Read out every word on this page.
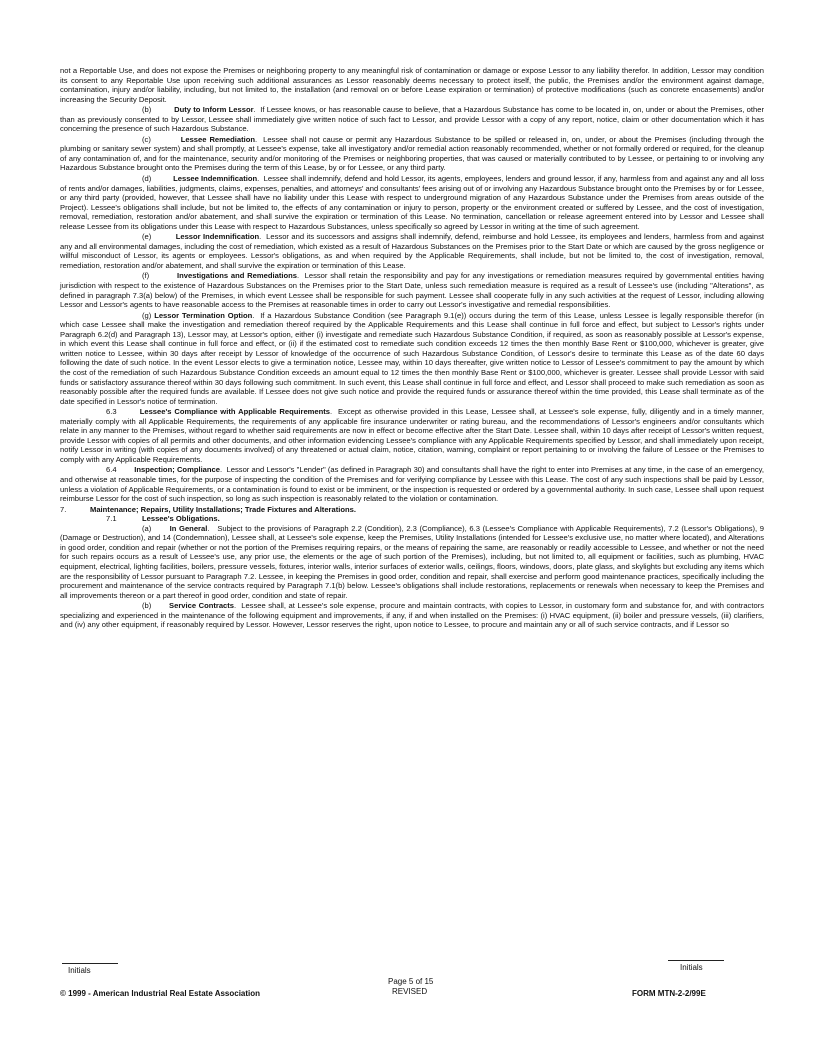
not a Reportable Use, and does not expose the Premises or neighboring property to any meaningful risk of contamination or damage or expose Lessor to any liability therefor. In addition, Lessor may condition its consent to any Reportable Use upon receiving such additional assurances as Lessor reasonably deems necessary to protect itself, the public, the Premises and/or the environment against damage, contamination, injury and/or liability, including, but not limited to, the installation (and removal on or before Lease expiration or termination) of protective modifications (such as concrete encasements) and/or increasing the Security Deposit.

(b)	Duty to Inform Lessor.  If Lessee knows, or has reasonable cause to believe, that a Hazardous Substance has come to be located in, on, under or about the Premises, other than as previously consented to by Lessor, Lessee shall immediately give written notice of such fact to Lessor, and provide Lessor with a copy of any report, notice, claim or other documentation which it has concerning the presence of such Hazardous Substance.

(c)	Lessee Remediation.  Lessee shall not cause or permit any Hazardous Substance to be spilled or released in, on, under, or about the Premises (including through the plumbing or sanitary sewer system) and shall promptly, at Lessee's expense, take all investigatory and/or remedial action reasonably recommended, whether or not formally ordered or required, for the cleanup of any contamination of, and for the maintenance, security and/or monitoring of the Premises or neighboring properties, that was caused or materially contributed to by Lessee, or pertaining to or involving any Hazardous Substance brought onto the Premises during the term of this Lease, by or for Lessee, or any third party.

(d)	Lessee Indemnification.  Lessee shall indemnify, defend and hold Lessor, its agents, employees, lenders and ground lessor, if any, harmless from and against any and all loss of rents and/or damages, liabilities, judgments, claims, expenses, penalties, and attorneys' and consultants' fees arising out of or involving any Hazardous Substance brought onto the Premises by or for Lessee, or any third party (provided, however, that Lessee shall have no liability under this Lease with respect to underground migration of any Hazardous Substance under the Premises from areas outside of the Project). Lessee's obligations shall include, but not be limited to, the effects of any contamination or injury to person, property or the environment created or suffered by Lessee, and the cost of investigation, removal, remediation, restoration and/or abatement, and shall survive the expiration or termination of this Lease. No termination, cancellation or release agreement entered into by Lessor and Lessee shall release Lessee from its obligations under this Lease with respect to Hazardous Substances, unless specifically so agreed by Lessor in writing at the time of such agreement.

(e)	Lessor Indemnification.  Lessor and its successors and assigns shall indemnify, defend, reimburse and hold Lessee, its employees and lenders, harmless from and against any and all environmental damages, including the cost of remediation, which existed as a result of Hazardous Substances on the Premises prior to the Start Date or which are caused by the gross negligence or willful misconduct of Lessor, its agents or employees. Lessor's obligations, as and when required by the Applicable Requirements, shall include, but not be limited to, the cost of investigation, removal, remediation, restoration and/or abatement, and shall survive the expiration or termination of this Lease.

(f)	Investigations and Remediations.  Lessor shall retain the responsibility and pay for any investigations or remediation measures required by governmental entities having jurisdiction with respect to the existence of Hazardous Substances on the Premises prior to the Start Date, unless such remediation measure is required as a result of Lessee's use (including "Alterations", as defined in paragraph 7.3(a) below) of the Premises, in which event Lessee shall be responsible for such payment. Lessee shall cooperate fully in any such activities at the request of Lessor, including allowing Lessor and Lessor's agents to have reasonable access to the Premises at reasonable times in order to carry out Lessor's investigative and remedial responsibilities.

(g) Lessor Termination Option.  If a Hazardous Substance Condition (see Paragraph 9.1(e)) occurs during the term of this Lease, unless Lessee is legally responsible therefor (in which case Lessee shall make the investigation and remediation thereof required by the Applicable Requirements and this Lease shall continue in full force and effect, but subject to Lessor's rights under Paragraph 6.2(d) and Paragraph 13), Lessor may, at Lessor's option, either (i) investigate and remediate such Hazardous Substance Condition, if required, as soon as reasonably possible at Lessor's expense, in which event this Lease shall continue in full force and effect, or (ii) if the estimated cost to remediate such condition exceeds 12 times the then monthly Base Rent or $100,000, whichever is greater, give written notice to Lessee, within 30 days after receipt by Lessor of knowledge of the occurrence of such Hazardous Substance Condition, of Lessor's desire to terminate this Lease as of the date 60 days following the date of such notice. In the event Lessor elects to give a termination notice, Lessee may, within 10 days thereafter, give written notice to Lessor of Lessee's commitment to pay the amount by which the cost of the remediation of such Hazardous Substance Condition exceeds an amount equal to 12 times the then monthly Base Rent or $100,000, whichever is greater. Lessee shall provide Lessor with said funds or satisfactory assurance thereof within 30 days following such commitment. In such event, this Lease shall continue in full force and effect, and Lessor shall proceed to make such remediation as soon as reasonably possible after the required funds are available. If Lessee does not give such notice and provide the required funds or assurance thereof within the time provided, this Lease shall terminate as of the date specified in Lessor's notice of termination.

6.3	Lessee's Compliance with Applicable Requirements.  Except as otherwise provided in this Lease, Lessee shall, at Lessee's sole expense, fully, diligently and in a timely manner, materially comply with all Applicable Requirements, the requirements of any applicable fire insurance underwriter or rating bureau, and the recommendations of Lessor's engineers and/or consultants which relate in any manner to the Premises, without regard to whether said requirements are now in effect or become effective after the Start Date. Lessee shall, within 10 days after receipt of Lessor's written request, provide Lessor with copies of all permits and other documents, and other information evidencing Lessee's compliance with any Applicable Requirements specified by Lessor, and shall immediately upon receipt, notify Lessor in writing (with copies of any documents involved) of any threatened or actual claim, notice, citation, warning, complaint or report pertaining to or involving the failure of Lessee or the Premises to comply with any Applicable Requirements.

6.4 Inspection; Compliance.  Lessor and Lessor's "Lender" (as defined in Paragraph 30) and consultants shall have the right to enter into Premises at any time, in the case of an emergency, and otherwise at reasonable times, for the purpose of inspecting the condition of the Premises and for verifying compliance by Lessee with this Lease. The cost of any such inspections shall be paid by Lessor, unless a violation of Applicable Requirements, or a contamination is found to exist or be imminent, or the inspection is requested or ordered by a governmental authority. In such case, Lessee shall upon request reimburse Lessor for the cost of such inspection, so long as such inspection is reasonably related to the violation or contamination.

7.	Maintenance; Repairs, Utility Installations; Trade Fixtures and Alterations.

7.1	Lessee's Obligations.

(a) In General.   Subject to the provisions of Paragraph 2.2 (Condition), 2.3 (Compliance), 6.3 (Lessee's Compliance with Applicable Requirements), 7.2 (Lessor's Obligations), 9 (Damage or Destruction), and 14 (Condemnation), Lessee shall, at Lessee's sole expense, keep the Premises, Utility Installations (intended for Lessee's exclusive use, no matter where located), and Alterations in good order, condition and repair (whether or not the portion of the Premises requiring repairs, or the means of repairing the same, are reasonably or readily accessible to Lessee, and whether or not the need for such repairs occurs as a result of Lessee's use, any prior use, the elements or the age of such portion of the Premises), including, but not limited to, all equipment or facilities, such as plumbing, HVAC equipment, electrical, lighting facilities, boilers, pressure vessels, fixtures, interior walls, interior surfaces of exterior walls, ceilings, floors, windows, doors, plate glass, and skylights but excluding any items which are the responsibility of Lessor pursuant to Paragraph 7.2. Lessee, in keeping the Premises in good order, condition and repair, shall exercise and perform good maintenance practices, specifically including the procurement and maintenance of the service contracts required by Paragraph 7.1(b) below. Lessee's obligations shall include restorations, replacements or renewals when necessary to keep the Premises and all improvements thereon or a part thereof in good order, condition and state of repair.

(b) Service Contracts.  Lessee shall, at Lessee's sole expense, procure and maintain contracts, with copies to Lessor, in customary form and substance for, and with contractors specializing and experienced in the maintenance of the following equipment and improvements, if any, if and when installed on the Premises: (i) HVAC equipment, (ii) boiler and pressure vessels, (iii) clarifiers, and (iv) any other equipment, if reasonably required by Lessor. However, Lessor reserves the right, upon notice to Lessee, to procure and maintain any or all of such service contracts, and if Lessor so

Initials	Initials
Page 5 of 15
REVISED
© 1999 - American Industrial Real Estate Association	FORM MTN-2-2/99E
